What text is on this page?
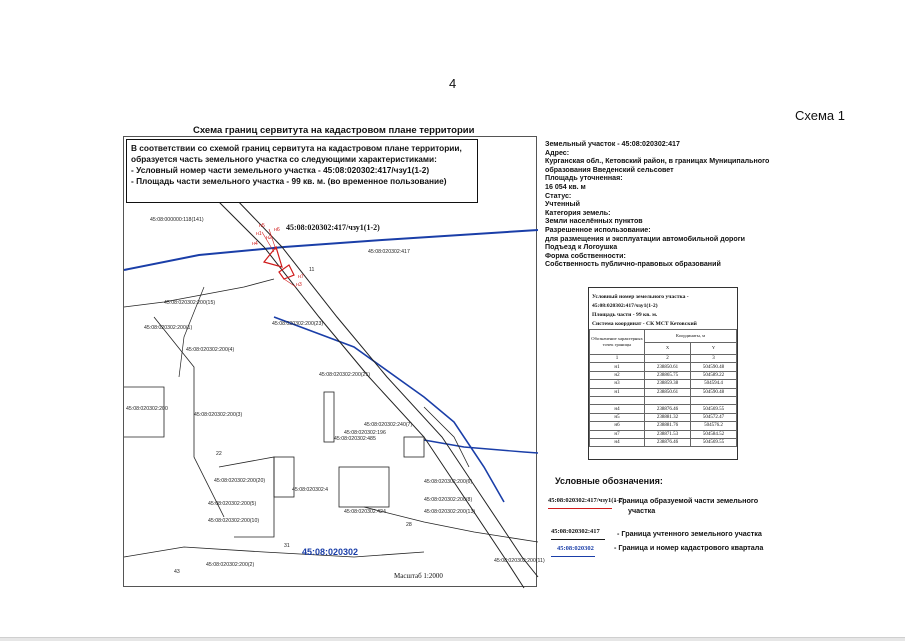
4
Схема 1
Схема границ сервитута на кадастровом плане территории
В соответствии со схемой границ сервитута на кадастровом плане территории,
образуется часть земельного участка со следующими характеристиками:
- Условный номер части земельного участка - 45:08:020302:417/чзу1(1-2)
- Площадь части земельного участка - 99 кв. м. (во временное пользование)
45:08:020302:417/чзу1(1-2)
45:08:020302
Масштаб 1:2000
45:08:000000:118(141)
45:08:020302:417
45:08:020302:200(15)
45:08:020302:200(1)
45:08:020302:200(23)
45:08:020302:200(4)
45:08:020302:200(21)
45:08:020302:200
45:08:020302:200(3)
45:08:020302:240(7)
45:08:020302:196
45:08:020302:485
45:08:020302:200(20)
45:08:020302:424
45:08:020302:200(5)
45:08:020302:200(10)
45:08:020302:200(2)
45:08:020302:200(6)
45:08:020302:200(8)
45:08:020302:200(13)
45:08:020302:200(11)
45:08:020302:4
н1
н2
н3
н4
н5
н6
н7
11
22
31
28
43
Земельный участок - 45:08:020302:417
Адрес:
Курганская обл., Кетовский район, в границах Муниципального
образования Введенский сельсовет
Площадь уточненная:
16 054 кв. м
Статус:
Учтенный
Категория земель:
Земли населённых пунктов
Разрешенное использование:
для размещения и эксплуатации автомобильной дороги
Подъезд к Логоушка
Форма собственности:
Собственность публично-правовых образований
Условный номер земельного участка -
45:08:020302:417/чзу1(1-2)
Площадь части - 99 кв. м.
Система координат - СК МСТ Кетовский
Обозначение характерных точек границы	Координаты, м	
	X	Y
1	2	3
н1	238850.61	504590.48
н2	238865.75	504589.22
н3	238859.38	504594.4
н1	238850.61	504590.48

н4	238876.46	504569.55
н5	238881.32	504572.47
н6	238881.76	504576.2
н7	238871.53	504584.52
н4	238876.46	504569.55
Условные обозначения:
45:08:020302:417/чзу1(1-2)
- Граница образуемой части земельного
участка
45:08:020302:417 - Граница учтенного земельного участка
45:08:020302	- Граница и номер кадастрового квартала
